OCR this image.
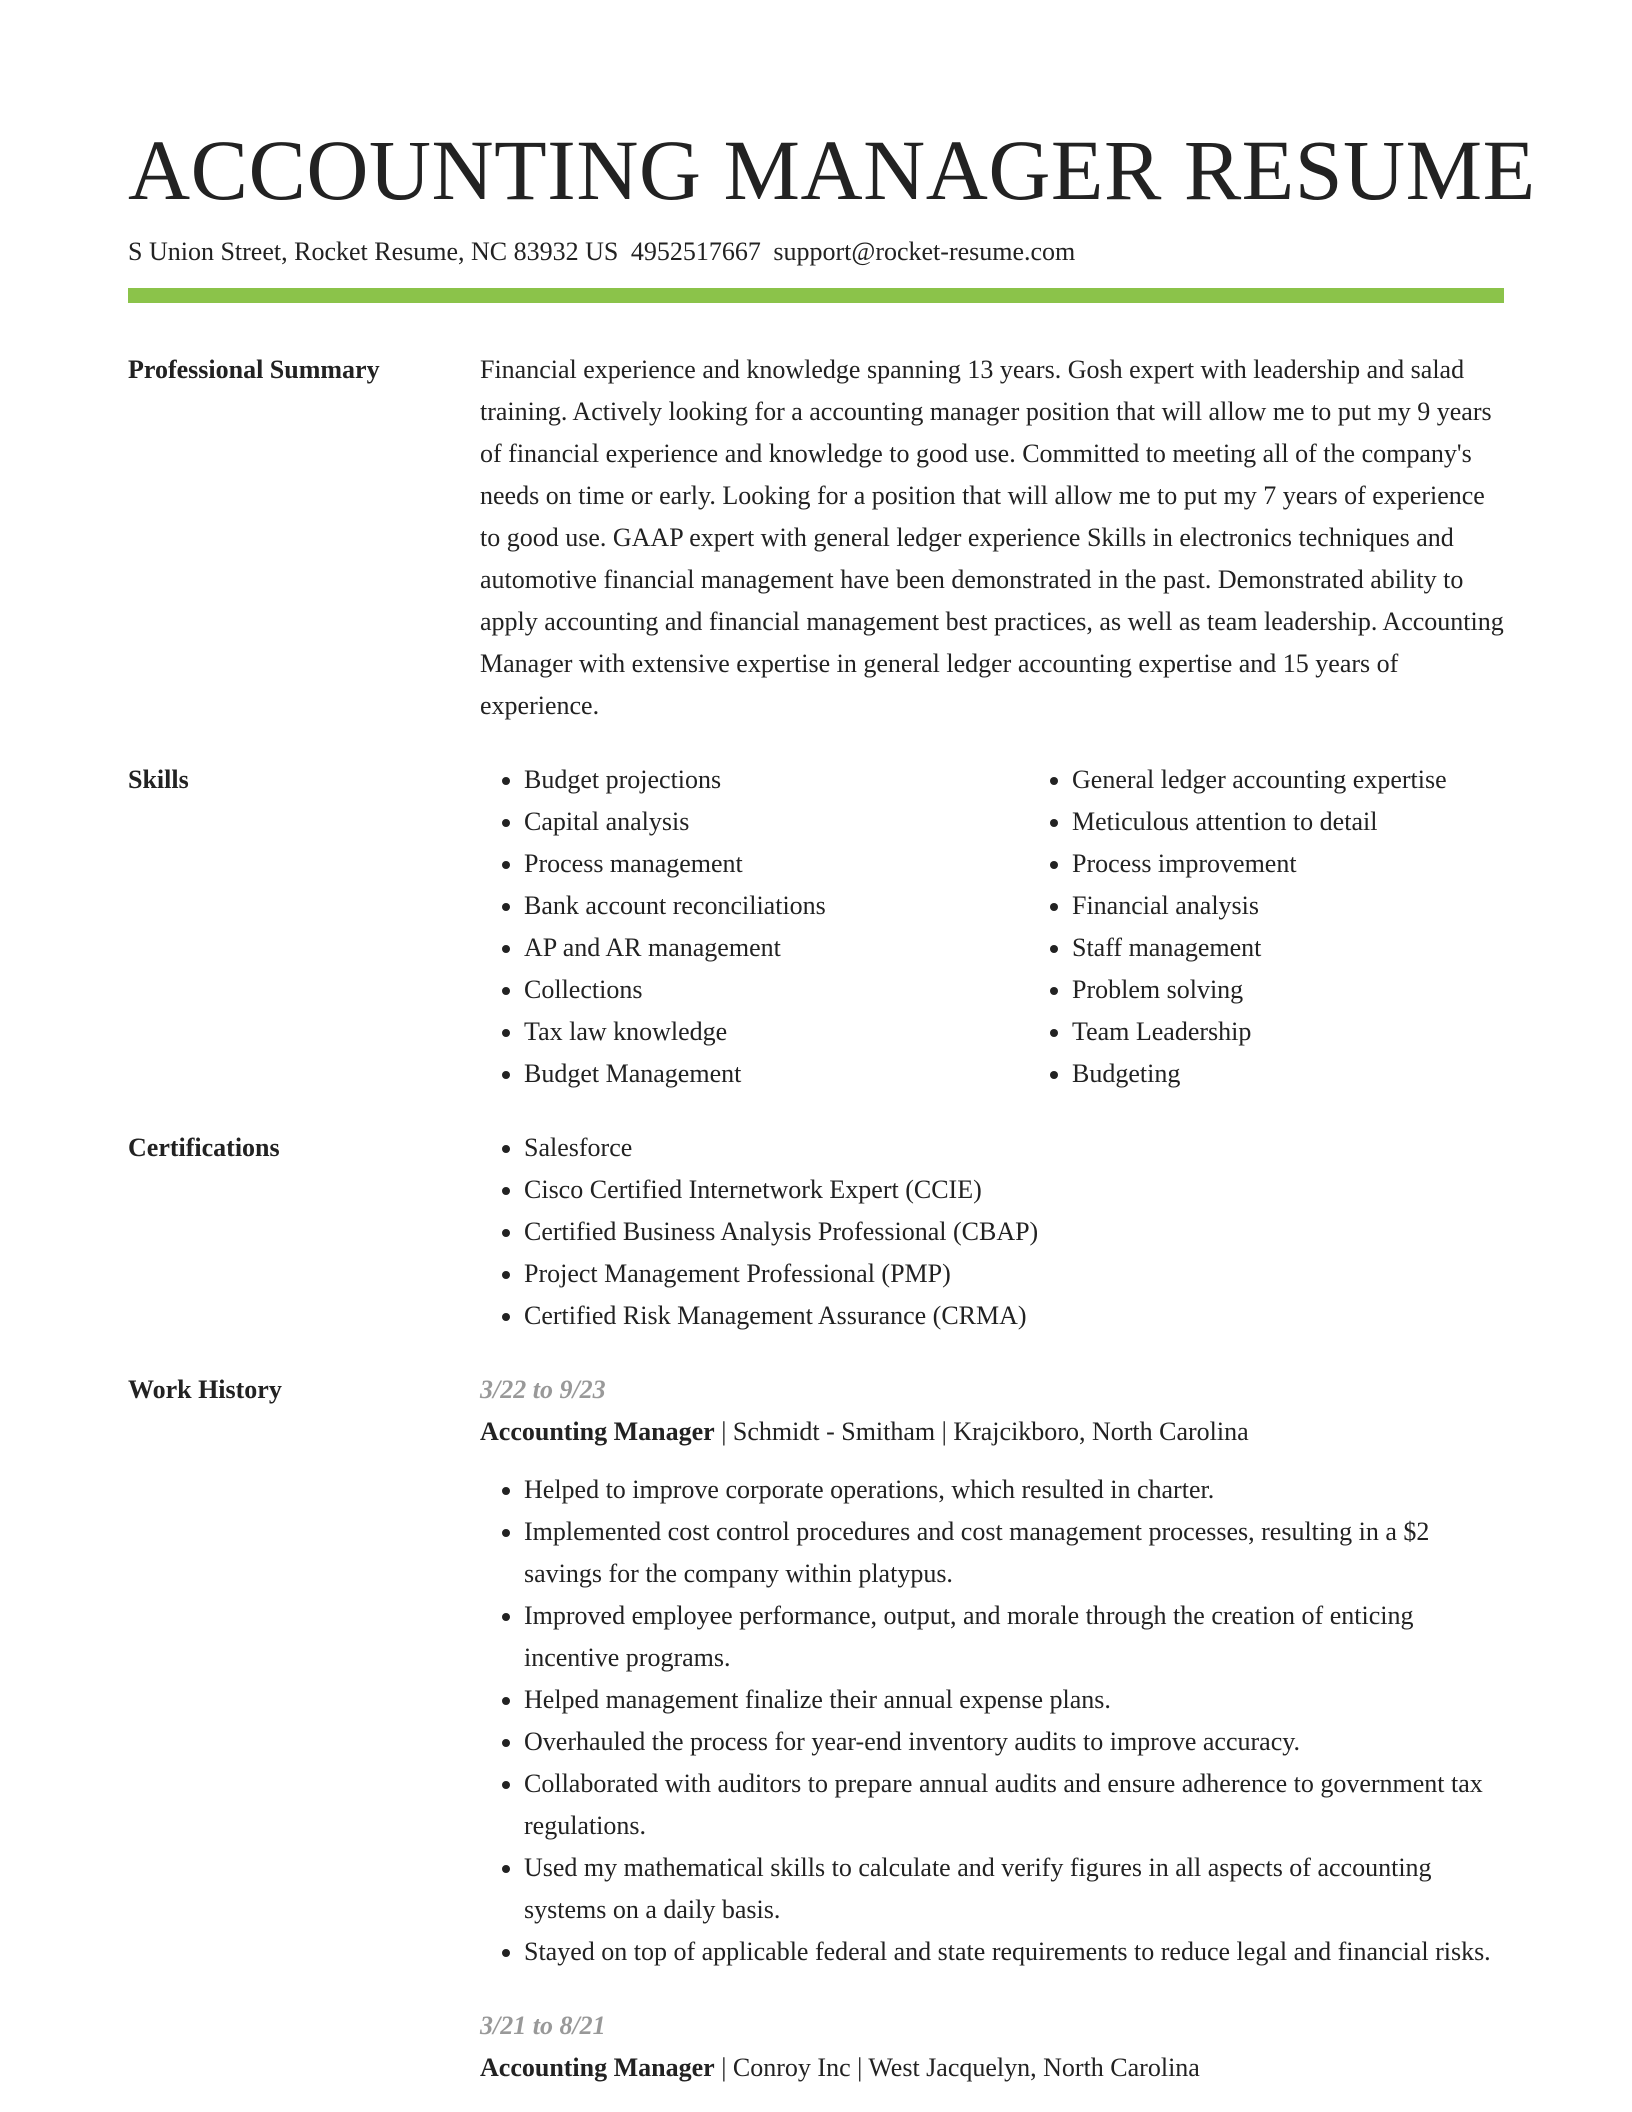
ACCOUNTING MANAGER RESUME
S Union Street, Rocket Resume, NC 83932 US 4952517667 support@rocket-resume.com
Professional Summary	Financial experience and knowledge spanning 13 years. Gosh expert with leadership and salad training. Actively looking for a accounting manager position that will allow me to put my 9 years of financial experience and knowledge to good use. Committed to meeting all of the company's needs on time or early. Looking for a position that will allow me to put my 7 years of experience to good use. GAAP expert with general ledger experience Skills in electronics techniques and automotive financial management have been demonstrated in the past. Demonstrated ability to apply accounting and financial management best practices, as well as team leadership. Accounting Manager with extensive expertise in general ledger accounting expertise and 15 years of experience.
Skills	• Budget projections
• Capital analysis
• Process management
• Bank account reconciliations
• AP and AR management
• Collections
• Tax law knowledge
• Budget Management
• General ledger accounting expertise
• Meticulous attention to detail
• Process improvement
• Financial analysis
• Staff management
• Problem solving
• Team Leadership
• Budgeting
Certifications	• Salesforce
• Cisco Certified Internetwork Expert (CCIE)
• Certified Business Analysis Professional (CBAP)
• Project Management Professional (PMP)
• Certified Risk Management Assurance (CRMA)
Work History	3/22 to 9/23
Accounting Manager | Schmidt - Smitham | Krajcikboro, North Carolina
• Helped to improve corporate operations, which resulted in charter.
• Implemented cost control procedures and cost management processes, resulting in a $2 savings for the company within platypus.
• Improved employee performance, output, and morale through the creation of enticing incentive programs.
• Helped management finalize their annual expense plans.
• Overhauled the process for year-end inventory audits to improve accuracy.
• Collaborated with auditors to prepare annual audits and ensure adherence to government tax regulations.
• Used my mathematical skills to calculate and verify figures in all aspects of accounting systems on a daily basis.
• Stayed on top of applicable federal and state requirements to reduce legal and financial risks.
3/21 to 8/21
Accounting Manager | Conroy Inc | West Jacquelyn, North Carolina
